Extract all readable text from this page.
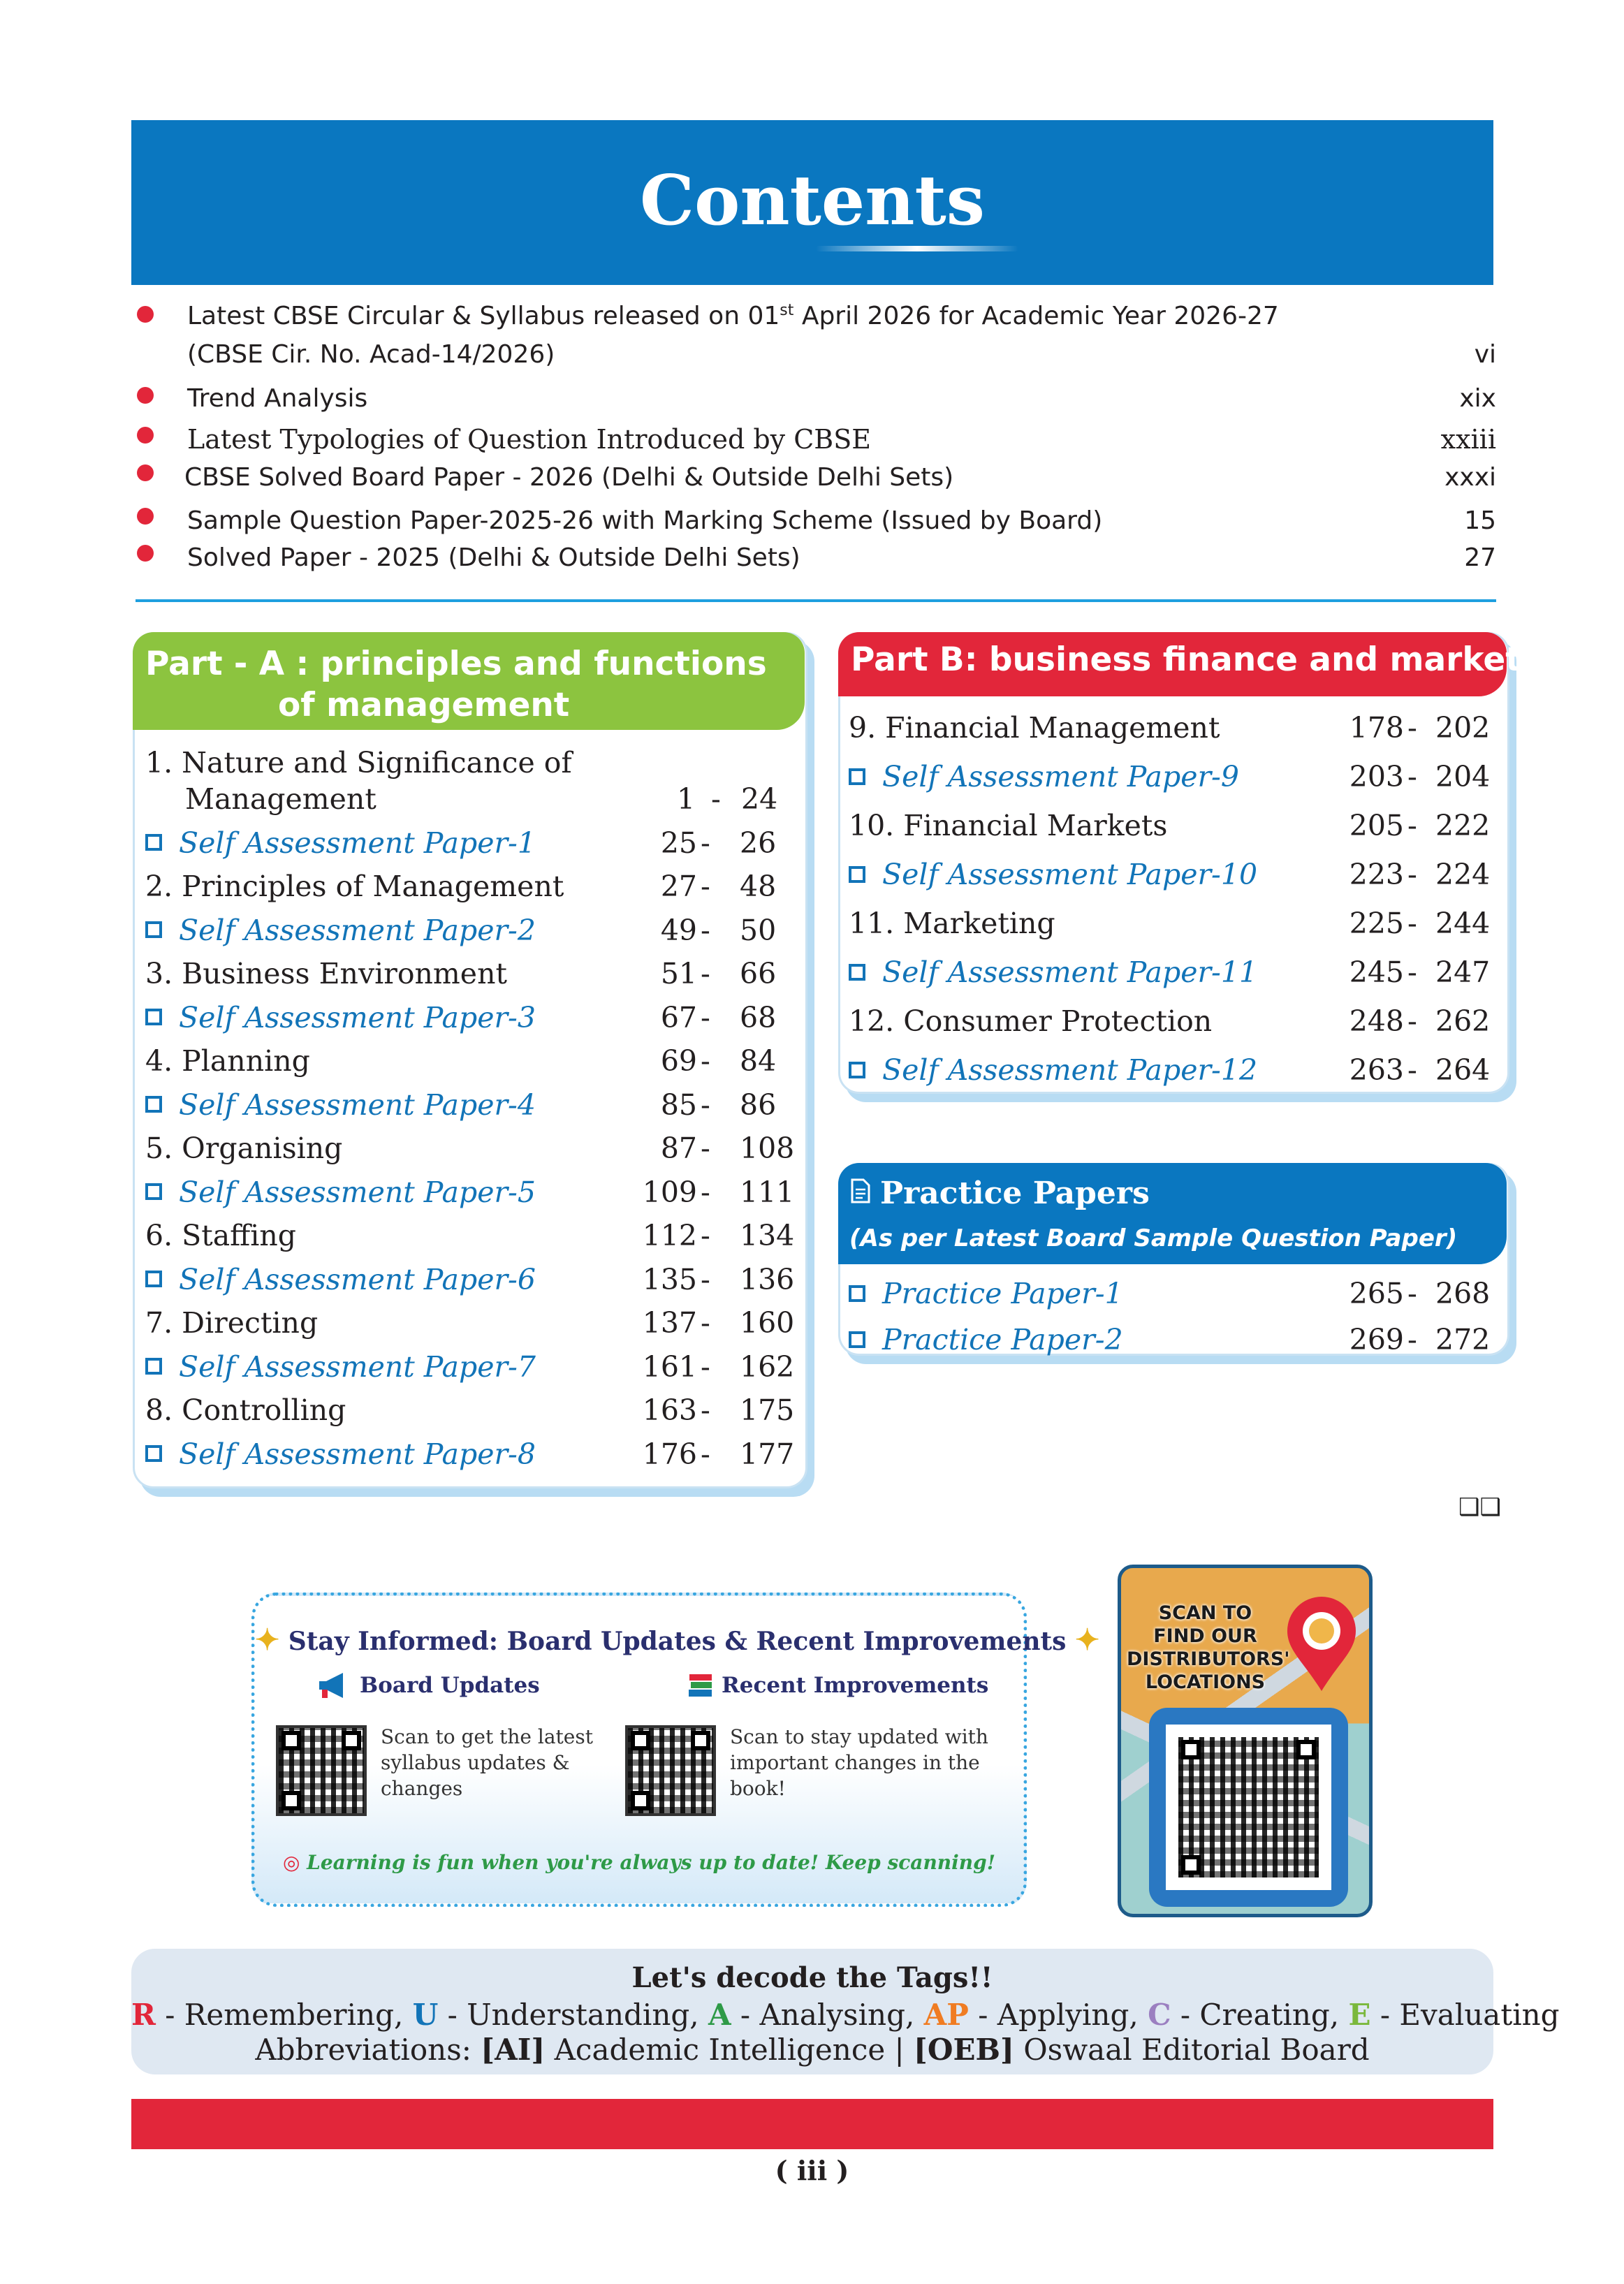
Contents
Latest CBSE Circular & Syllabus released on 01st April 2026 for Academic Year 2026-27
(CBSE Cir. No. Acad-14/2026)	vi
Trend Analysis	xix
Latest Typologies of Question Introduced by CBSE	xxiii
CBSE Solved Board Paper - 2026 (Delhi & Outside Delhi Sets)	xxxi
Sample Question Paper-2025-26 with Marking Scheme (Issued by Board)	15
Solved Paper - 2025 (Delhi & Outside Delhi Sets)	27
Part - A : principles and functions
of management
1. Nature and Significance of
Management	1 - 24
Self Assessment Paper-1	25 - 26
2. Principles of Management	27 - 48
Self Assessment Paper-2	49 - 50
3. Business Environment	51 - 66
Self Assessment Paper-3	67 - 68
4. Planning	69 - 84
Self Assessment Paper-4	85 - 86
5. Organising	87 - 108
Self Assessment Paper-5	109 - 111
6. Staffing	112 - 134
Self Assessment Paper-6	135 - 136
7. Directing	137 - 160
Self Assessment Paper-7	161 - 162
8. Controlling	163 - 175
Self Assessment Paper-8	176 - 177
Part B: business finance and marketing
9. Financial Management	178 - 202
Self Assessment Paper-9	203 - 204
10. Financial Markets	205 - 222
Self Assessment Paper-10	223 - 224
11. Marketing	225 - 244
Self Assessment Paper-11	245 - 247
12. Consumer Protection	248 - 262
Self Assessment Paper-12	263 - 264
Practice Papers
(As per Latest Board Sample Question Paper)
Practice Paper-1	265 - 268
Practice Paper-2	269 - 272
❑❑
✦ Stay Informed: Board Updates & Recent Improvements ✦
Board Updates	Recent Improvements
Scan to get the latest
syllabus updates &
changes
Scan to stay updated with
important changes in the
book!
◎ Learning is fun when you're always up to date! Keep scanning!
SCAN TO
FIND OUR
DISTRIBUTORS'
LOCATIONS
Let's decode the Tags!!
R - Remembering, U - Understanding, A - Analysing, AP - Applying, C - Creating, E - Evaluating
Abbreviations: [AI] Academic Intelligence | [OEB] Oswaal Editorial Board
( iii )
